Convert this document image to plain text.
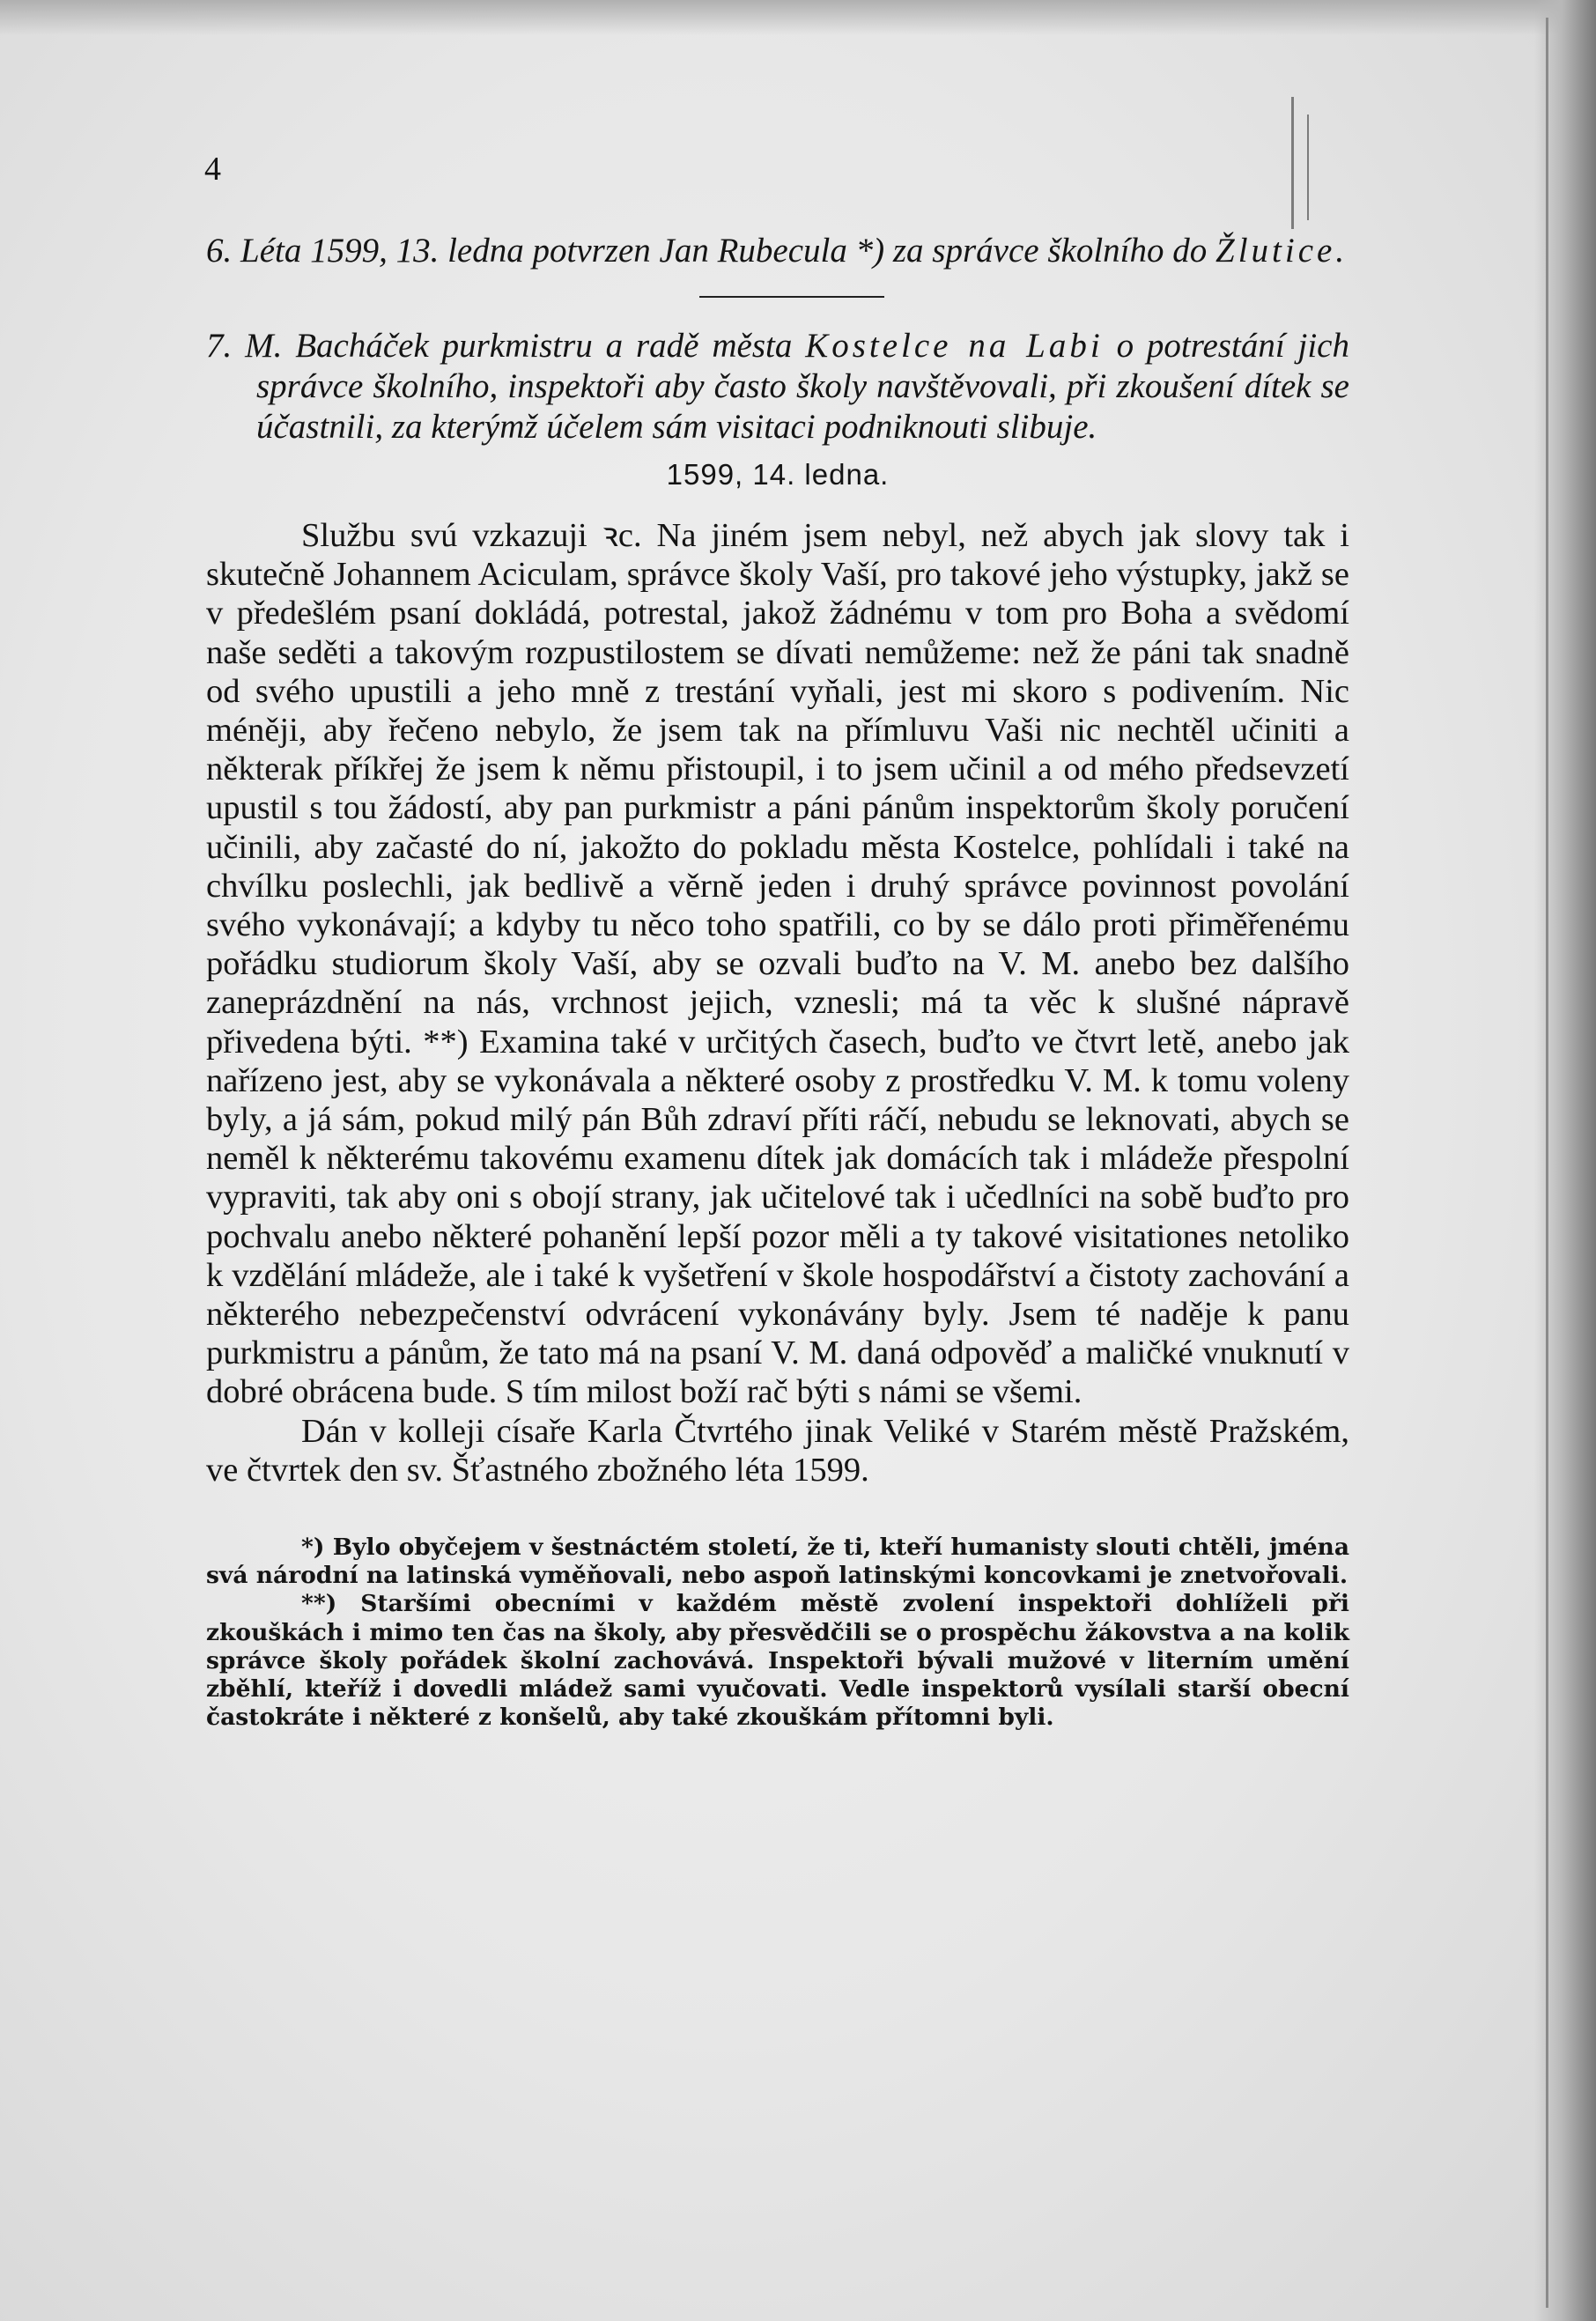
4

6. Léta 1599, 13. ledna potvrzen Jan Rubecula *) za správce školního do Žlutice.

7. M. Bacháček purkmistru a radě města Kostelce na Labi o potrestání jich správce školního, inspektoři aby často školy navštěvovali, při zkoušení dítek se účastnili, za kterýmž účelem sám visitaci podniknouti slibuje.

1599, 14. ledna.

Službu svú vzkazuji ꝛc. Na jiném jsem nebyl, než abych jak slovy tak i skutečně Johannem Aciculam, správce školy Vaší, pro takové jeho výstupky, jakž se v předešlém psaní dokládá, potrestal, jakož žádnému v tom pro Boha a svědomí naše seděti a takovým rozpustilostem se dívati nemůžeme: než že páni tak snadně od svého upustili a jeho mně z trestání vyňali, jest mi skoro s podivením. Nic méněji, aby řečeno nebylo, že jsem tak na přímluvu Vaši nic nechtěl učiniti a některak příkřej že jsem k němu přistoupil, i to jsem učinil a od mého předsevzetí upustil s tou žádostí, aby pan purkmistr a páni pánům inspektorům školy poručení učinili, aby začasté do ní, jakožto do pokladu města Kostelce, pohlídali i také na chvílku poslechli, jak bedlivě a věrně jeden i druhý správce povinnost povolání svého vykonávají; a kdyby tu něco toho spatřili, co by se dálo proti přiměřenému pořádku studiorum školy Vaší, aby se ozvali buďto na V. M. anebo bez dalšího zaneprázdnění na nás, vrchnost jejich, vznesli; má ta věc k slušné nápravě přivedena býti. **) Examina také v určitých časech, buďto ve čtvrt letě, anebo jak nařízeno jest, aby se vykonávala a některé osoby z prostředku V. M. k tomu voleny byly, a já sám, pokud milý pán Bůh zdraví příti ráčí, nebudu se leknovati, abych se neměl k některému takovému examenu dítek jak domácích tak i mládeže přespolní vypraviti, tak aby oni s obojí strany, jak učitelové tak i učedlníci na sobě buďto pro pochvalu anebo některé pohanění lepší pozor měli a ty takové visitationes netoliko k vzdělání mládeže, ale i také k vyšetření v škole hospodářství a čistoty zachování a některého nebezpečenství odvrácení vykonávány byly. Jsem té naděje k panu purkmistru a pánům, že tato má na psaní V. M. daná odpověď a maličké vnuknutí v dobré obrácena bude. S tím milost boží rač býti s námi se všemi.

Dán v kolleji císaře Karla Čtvrtého jinak Veliké v Starém městě Pražském, ve čtvrtek den sv. Šťastného zbožného léta 1599.

*) Bylo obyčejem v šestnáctém století, že ti, kteří humanisty slouti chtěli, jména svá národní na latinská vyměňovali, nebo aspoň latinskými koncovkami je znetvořovali.

**) Staršími obecními v každém městě zvolení inspektoři dohlíželi při zkouškách i mimo ten čas na školy, aby přesvědčili se o prospěchu žákovstva a na kolik správce školy pořádek školní zachovává. Inspektoři bývali mužové v literním umění zběhlí, kteříž i dovedli mládež sami vyučovati. Vedle inspektorů vysílali starší obecní častokráte i některé z konšelů, aby také zkouškám přítomni byli.
